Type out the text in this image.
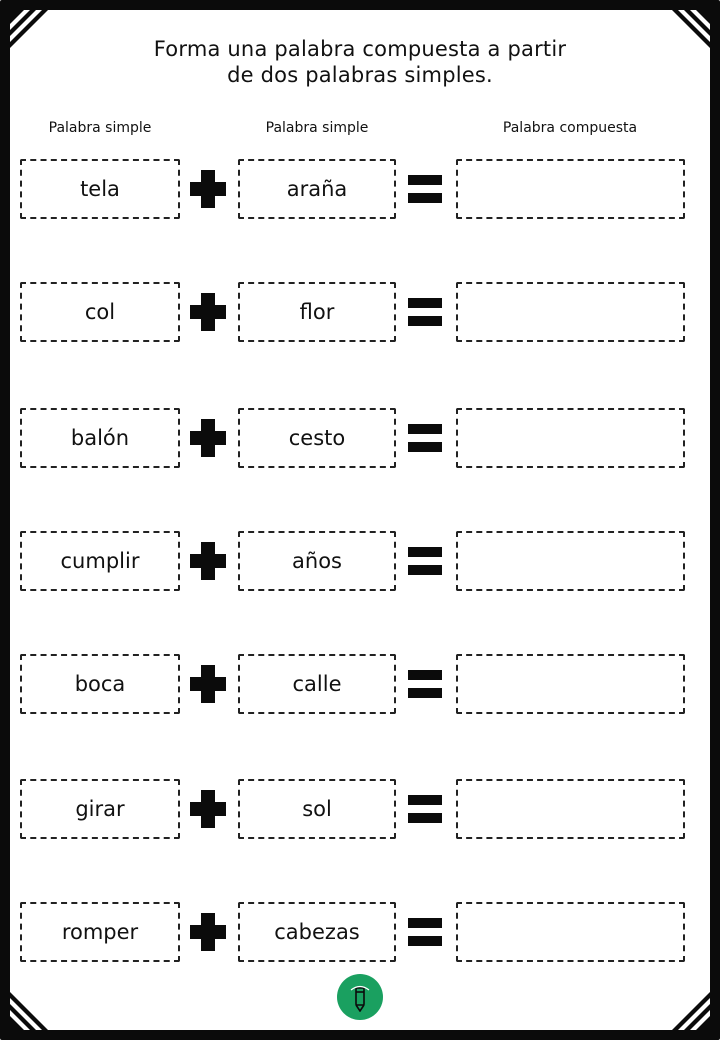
Forma una palabra compuesta a partir
de dos palabras simples.
Palabra simple	Palabra simple	Palabra compuesta
tela	araña
col	flor
balón	cesto
cumplir	años
boca	calle
girar	sol
romper	cabezas
